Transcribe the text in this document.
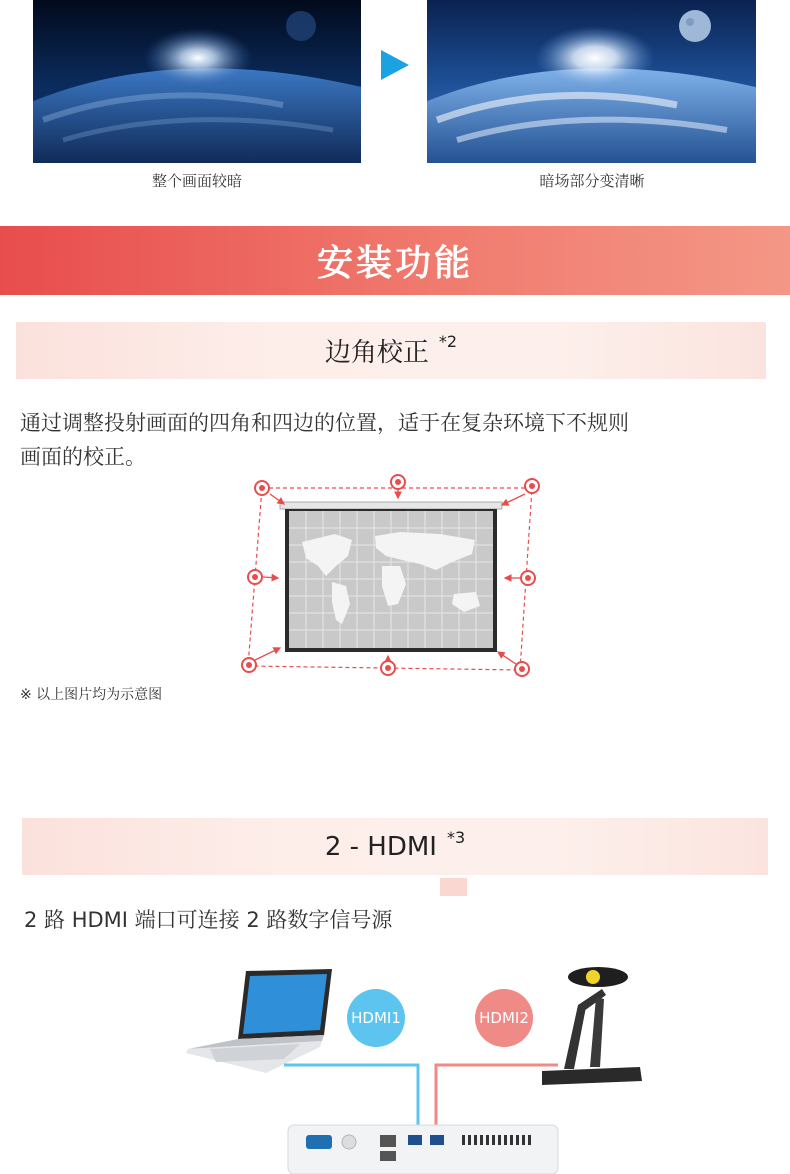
整个画面较暗	暗场部分变清晰
安装功能
边角校正 *2
通过调整投射画面的四角和四边的位置，适于在复杂环境下不规则
画面的校正。
※ 以上图片均为示意图
2 - HDMI *3
2 路 HDMI 端口可连接 2 路数字信号源
HDMI1	HDMI2
